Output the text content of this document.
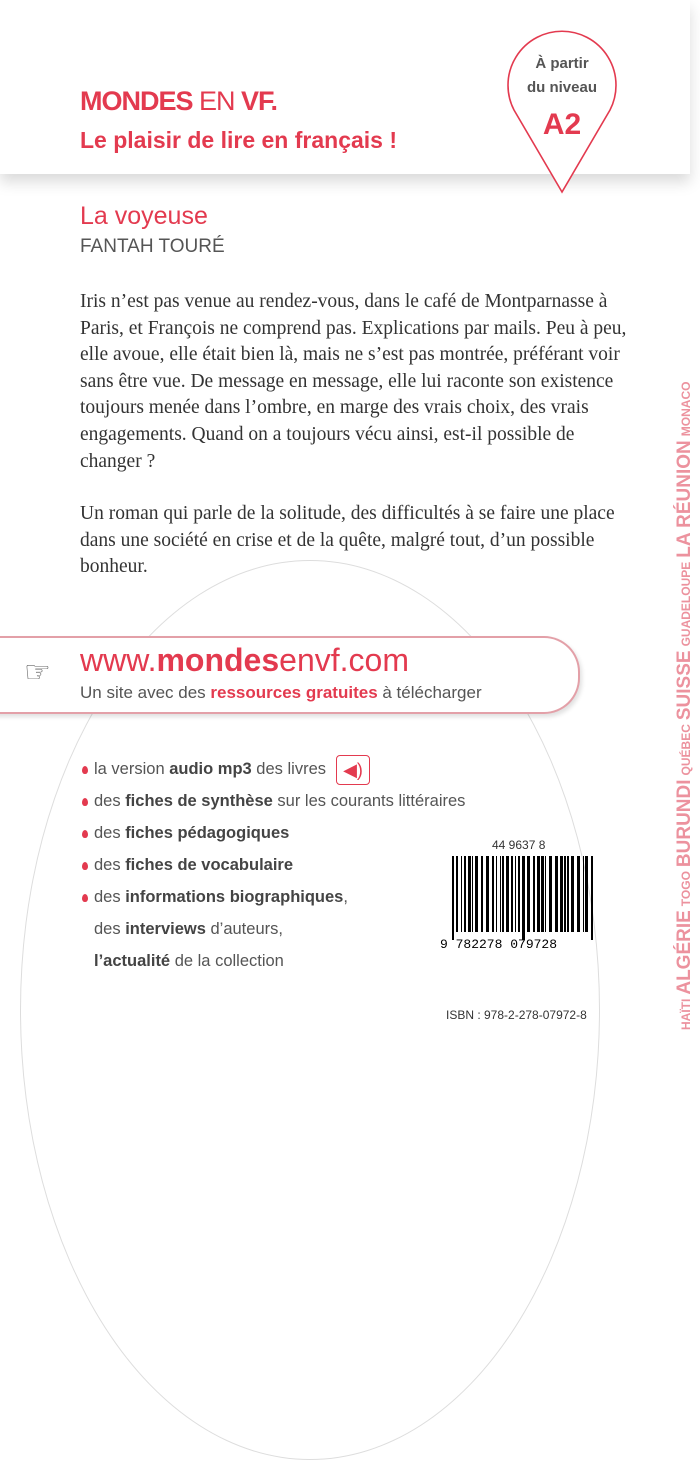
MONDES EN VF.
Le plaisir de lire en français !
À partir
du niveau
A2
La voyeuse
FANTAH TOURÉ

Iris n’est pas venue au rendez-vous, dans le café de Montparnasse à Paris, et François ne comprend pas. Explications par mails. Peu à peu, elle avoue, elle était bien là, mais ne s’est pas montrée, préférant voir sans être vue. De message en message, elle lui raconte son existence toujours menée dans l’ombre, en marge des vrais choix, des vrais engagements. Quand on a toujours vécu ainsi, est-il possible de changer ?

Un roman qui parle de la solitude, des difficultés à se faire une place dans une société en crise et de la quête, malgré tout, d’un possible bonheur.

☞ www.mondesenvf.com
Un site avec des ressources gratuites à télécharger
la version audio mp3 des livres ◀)
des fiches de synthèse sur les courants littéraires
des fiches pédagogiques
des fiches de vocabulaire
des informations biographiques,
des interviews d’auteurs,
l’actualité de la collection
44 9637 8
9 782278 079728
ISBN : 978-2-278-07972-8	HAÏTIALGÉRIETOGOBURUNDIQUÉBECSUISSEGUADELOUPELA RÉUNIONMONACO
